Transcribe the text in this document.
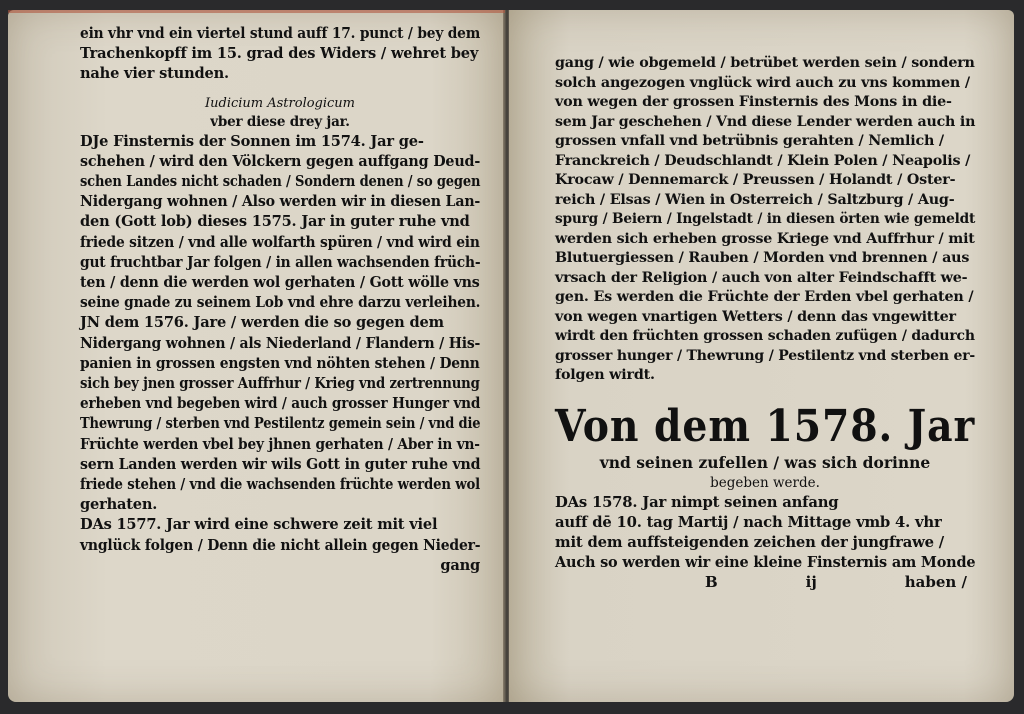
ein vhr vnd ein viertel stund auff 17. punct / bey dem
Trachenkopff im 15. grad des Widers / wehret bey
nahe vier stunden.
Iudicium Astrologicum
vber diese drey jar.
DJe Finsternis der Sonnen im 1574. Jar ge-
schehen / wird den Völckern gegen auffgang Deud-
schen Landes nicht schaden / Sondern denen / so gegen
Nidergang wohnen / Also werden wir in diesen Lan-
den (Gott lob) dieses 1575. Jar in guter ruhe vnd
friede sitzen / vnd alle wolfarth spüren / vnd wird ein
gut fruchtbar Jar folgen / in allen wachsenden früch-
ten / denn die werden wol gerhaten / Gott wölle vns
seine gnade zu seinem Lob vnd ehre darzu verleihen.
JN dem 1576. Jare / werden die so gegen dem
Nidergang wohnen / als Niederland / Flandern / His-
panien in grossen engsten vnd nöhten stehen / Denn
sich bey jnen grosser Auffrhur / Krieg vnd zertrennung
erheben vnd begeben wird / auch grosser Hunger vnd
Thewrung / sterben vnd Pestilentz gemein sein / vnd die
Früchte werden vbel bey jhnen gerhaten / Aber in vn-
sern Landen werden wir wils Gott in guter ruhe vnd
friede stehen / vnd die wachsenden früchte werden wol
gerhaten.
DAs 1577. Jar wird eine schwere zeit mit viel
vnglück folgen / Denn die nicht allein gegen Nieder-
gang
gang / wie obgemeld / betrübet werden sein / sondern
solch angezogen vnglück wird auch zu vns kommen /
von wegen der grossen Finsternis des Mons in die-
sem Jar geschehen / Vnd diese Lender werden auch in
grossen vnfall vnd betrübnis gerahten / Nemlich /
Franckreich / Deudschlandt / Klein Polen / Neapolis /
Krocaw / Dennemarck / Preussen / Holandt / Oster-
reich / Elsas / Wien in Osterreich / Saltzburg / Aug-
spurg / Beiern / Ingelstadt / in diesen örten wie gemeldt
werden sich erheben grosse Kriege vnd Auffrhur / mit
Blutuergiessen / Rauben / Morden vnd brennen / aus
vrsach der Religion / auch von alter Feindschafft we-
gen. Es werden die Früchte der Erden vbel gerhaten /
von wegen vnartigen Wetters / denn das vngewitter
wirdt den früchten grossen schaden zufügen / dadurch
grosser hunger / Thewrung / Pestilentz vnd sterben er-
folgen wirdt.
Von dem 1578. Jar
vnd seinen zufellen / was sich dorinne
begeben werde.
DAs 1578. Jar nimpt seinen anfang
auff dē 10. tag Martij / nach Mittage vmb 4. vhr
mit dem auffsteigenden zeichen der jungfrawe /
Auch so werden wir eine kleine Finsternis am Monde
B	ij	haben /
